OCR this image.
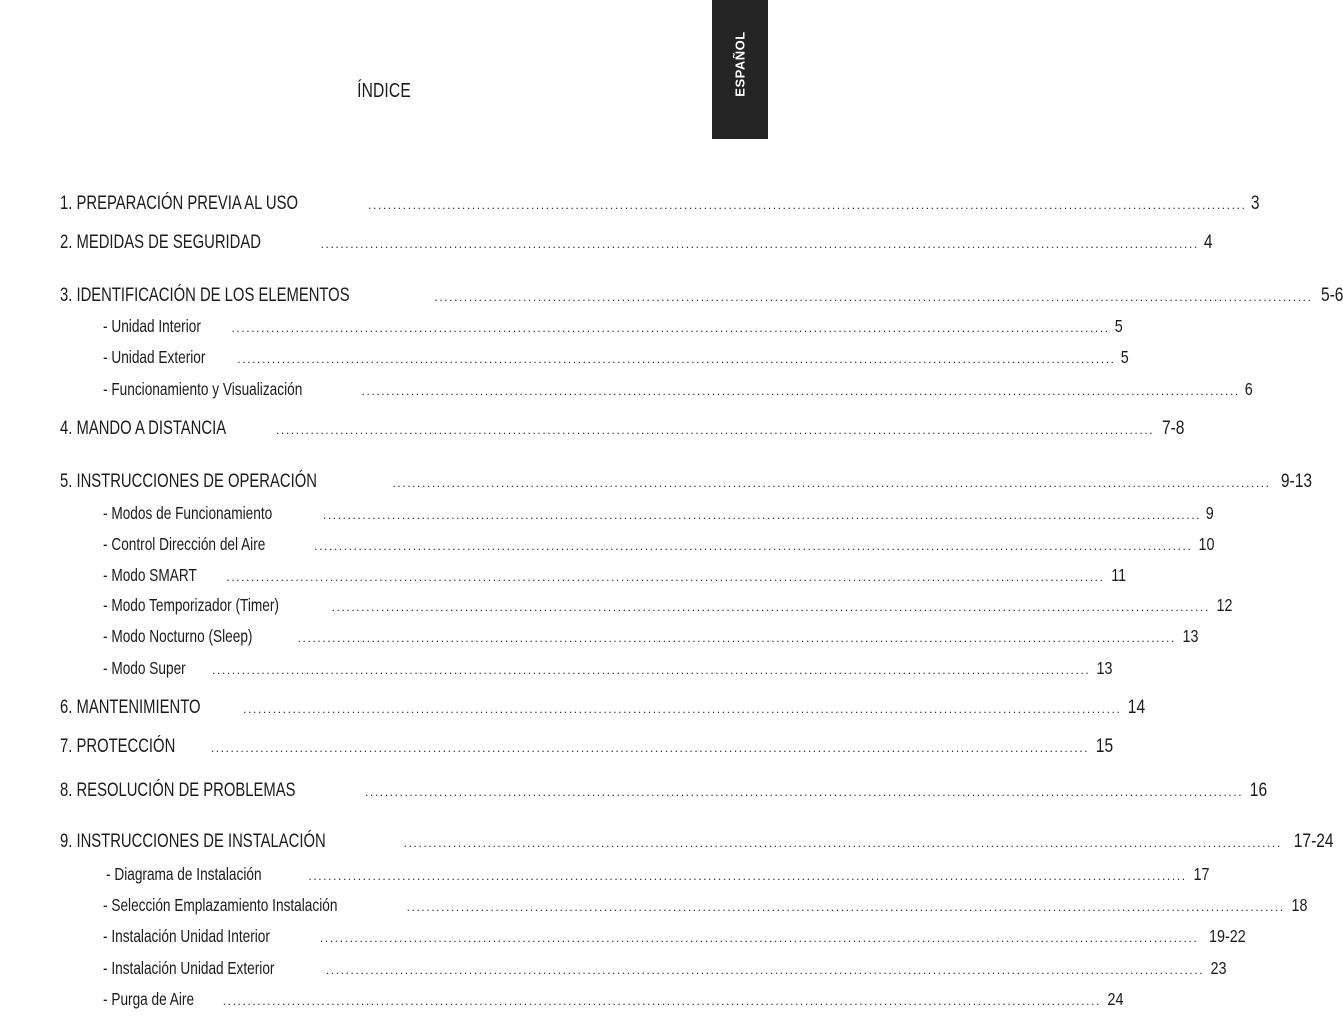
ESPAÑOL
ÍNDICE
1. PREPARACIÓN PREVIA AL USO	.................................................................................................................................................................................. 3
2. MEDIDAS DE SEGURIDAD	.................................................................................................................................................................................. 4
3. IDENTIFICACIÓN DE LOS ELEMENTOS	.................................................................................................................................................................................. 5-6
- Unidad Interior	.................................................................................................................................................................................. 5
- Unidad Exterior	.................................................................................................................................................................................. 5
- Funcionamiento y Visualización	.................................................................................................................................................................................. 6
4. MANDO A DISTANCIA	.................................................................................................................................................................................. 7-8
5. INSTRUCCIONES DE OPERACIÓN	.................................................................................................................................................................................. 9-13
- Modos de Funcionamiento	.................................................................................................................................................................................. 9
- Control Dirección del Aire	.................................................................................................................................................................................. 10
- Modo SMART .................................................................................................................................................................................. 11
- Modo Temporizador (Timer)	.................................................................................................................................................................................. 12
- Modo Nocturno (Sleep)	.................................................................................................................................................................................. 13
- Modo Super .................................................................................................................................................................................. 13
6. MANTENIMIENTO	.................................................................................................................................................................................. 14
7. PROTECCIÓN	.................................................................................................................................................................................. 15
8. RESOLUCIÓN DE PROBLEMAS	.................................................................................................................................................................................. 16
9. INSTRUCCIONES DE INSTALACIÓN	.................................................................................................................................................................................. 17-24
- Diagrama de Instalación	.................................................................................................................................................................................. 17
- Selección Emplazamiento Instalación	.................................................................................................................................................................................. 18
- Instalación Unidad Interior	.................................................................................................................................................................................. 19-22
- Instalación Unidad Exterior	.................................................................................................................................................................................. 23
- Purga de Aire .................................................................................................................................................................................. 24
